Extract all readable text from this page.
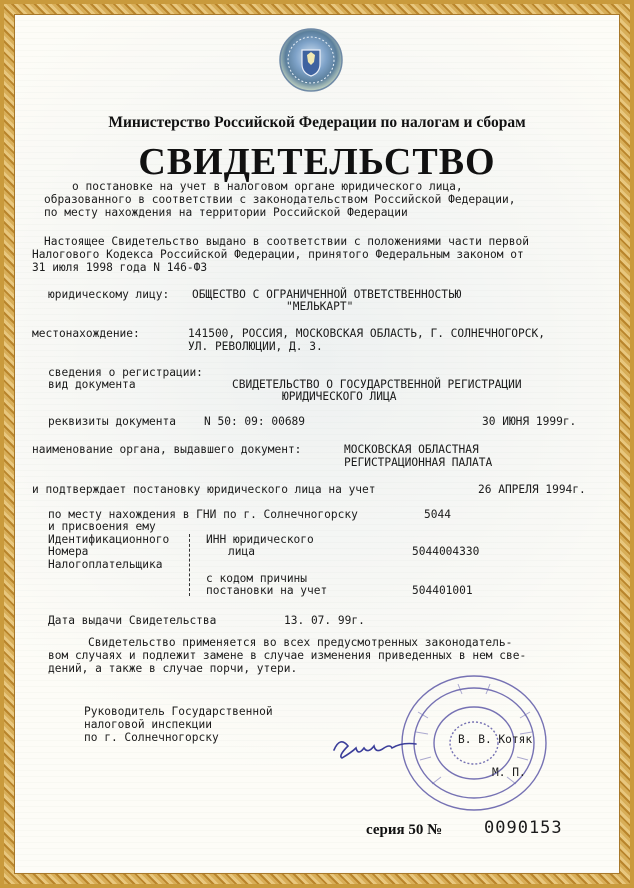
Министерство Российской Федерации по налогам и сборам
СВИДЕТЕЛЬСТВО
о постановке на учет в налоговом органе юридического лица,
образованного в соответствии с законодательством Российской Федерации,
по месту нахождения на территории Российской Федерации
Настоящее Свидетельство выдано в соответствии с положениями части первой
Налогового Кодекса Российской Федерации, принятого Федеральным законом от
31 июля 1998 года N 146-ФЗ
юридическому лицу: ОБЩЕСТВО С ОГРАНИЧЕННОЙ ОТВЕТСТВЕННОСТЬЮ
"МЕЛЬКАРТ"
местонахождение:	141500, РОССИЯ, МОСКОВСКАЯ ОБЛАСТЬ, Г. СОЛНЕЧНОГОРСК,
УЛ. РЕВОЛЮЦИИ, Д. 3.
сведения о регистрации:
вид документа	СВИДЕТЕЛЬСТВО О ГОСУДАРСТВЕННОЙ РЕГИСТРАЦИИ
ЮРИДИЧЕСКОГО ЛИЦА
реквизиты документа	N 50: 09: 00689	30 ИЮНЯ 1999г.
наименование органа, выдавшего документ:	МОСКОВСКАЯ ОБЛАСТНАЯ
РЕГИСТРАЦИОННАЯ ПАЛАТА
и подтверждает постановку юридического лица на учет	26 АПРЕЛЯ 1994г.
по месту нахождения в ГНИ по г. Солнечногорску	5044
и присвоения ему
Идентификационного
Номера
Налогоплательщика
ИНН юридического
лица	5044004330
с кодом причины
постановки на учет	504401001
Дата выдачи Свидетельства	13. 07. 99г.
Свидетельство применяется во всех предусмотренных законодатель-
вом случаях и подлежит замене в случае изменения приведенных в нем све-
дений, а также в случае порчи, утери.
Руководитель Государственной
налоговой инспекции
по г. Солнечногорску	В. В. Котяк
М. П.
серия 50 № 0090153
